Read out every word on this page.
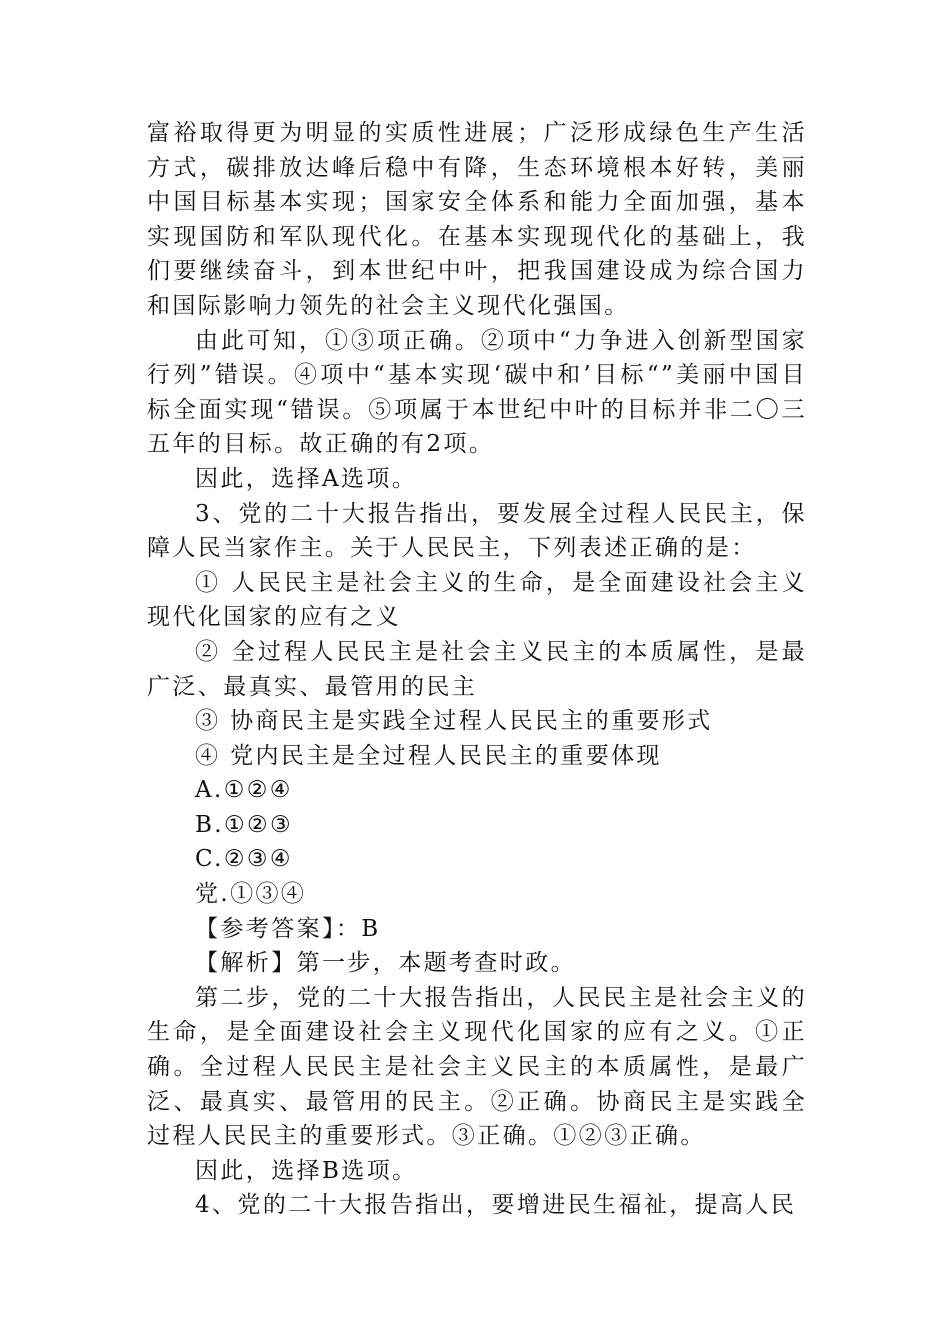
富裕取得更为明显的实质性进展；广泛形成绿色生产生活方式，碳排放达峰后稳中有降，生态环境根本好转，美丽中国目标基本实现；国家安全体系和能力全面加强，基本实现国防和军队现代化。在基本实现现代化的基础上，我们要继续奋斗，到本世纪中叶，把我国建设成为综合国力和国际影响力领先的社会主义现代化强国。

由此可知，①③项正确。②项中“力争进入创新型国家行列”错误。④项中“基本实现‘碳中和’目标“”美丽中国目标全面实现“错误。⑤项属于本世纪中叶的目标并非二〇三五年的目标。故正确的有2项。

因此，选择A选项。

3、党的二十大报告指出，要发展全过程人民民主，保障人民当家作主。关于人民民主，下列表述正确的是：

① 人民民主是社会主义的生命，是全面建设社会主义现代化国家的应有之义

② 全过程人民民主是社会主义民主的本质属性，是最广泛、最真实、最管用的民主

③ 协商民主是实践全过程人民民主的重要形式

④ 党内民主是全过程人民民主的重要体现

A.①②④

B.①②③

C.②③④

党.①③④

【参考答案】：B

【解析】第一步，本题考查时政。

第二步，党的二十大报告指出，人民民主是社会主义的生命，是全面建设社会主义现代化国家的应有之义。①正确。全过程人民民主是社会主义民主的本质属性，是最广泛、最真实、最管用的民主。②正确。协商民主是实践全过程人民民主的重要形式。③正确。①②③正确。

因此，选择B选项。

4、党的二十大报告指出，要增进民生福祉，提高人民
